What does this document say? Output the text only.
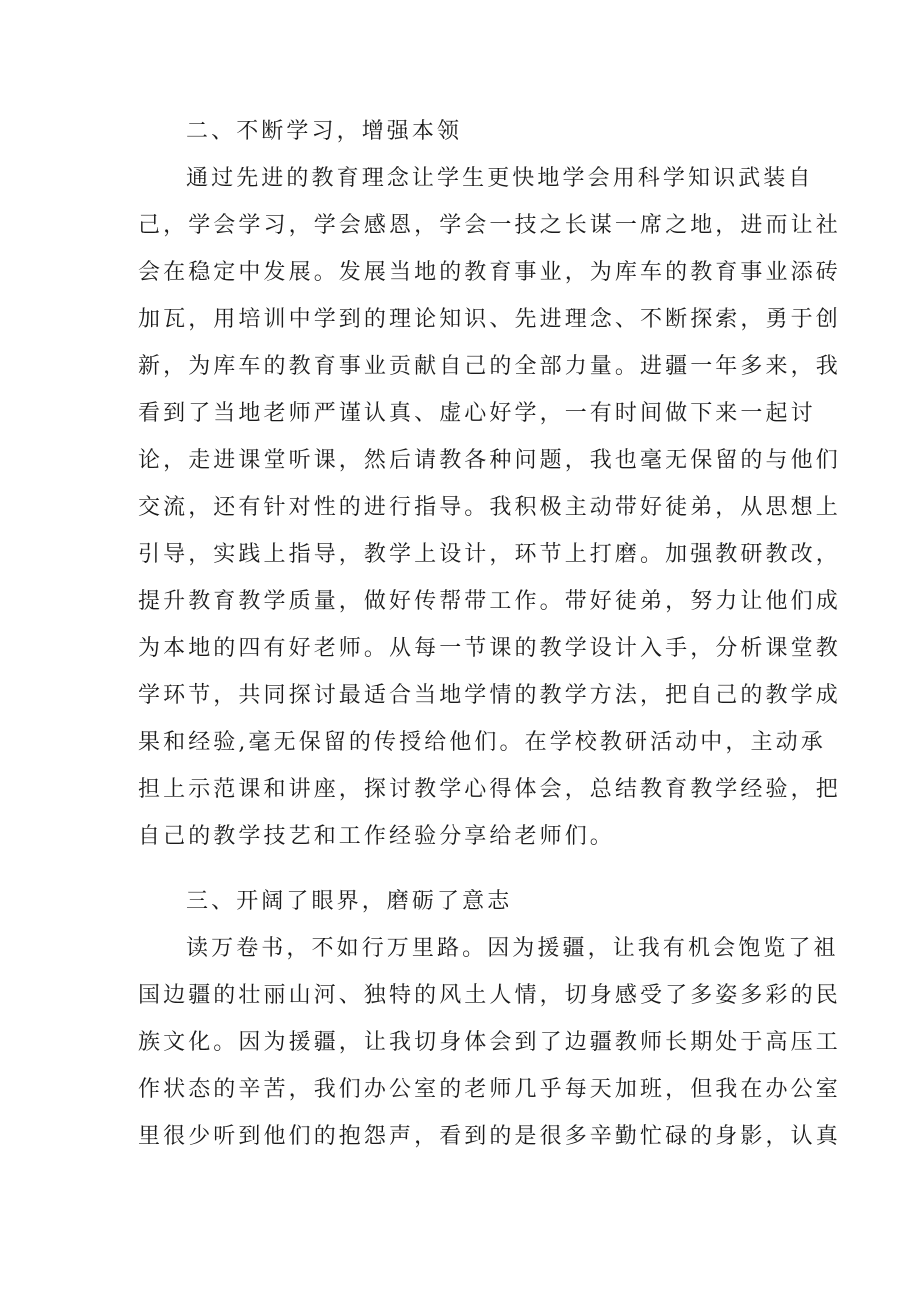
二、不断学习，增强本领
通过先进的教育理念让学生更快地学会用科学知识武装自
己，学会学习，学会感恩，学会一技之长谋一席之地，进而让社
会在稳定中发展。发展当地的教育事业，为库车的教育事业添砖
加瓦，用培训中学到的理论知识、先进理念、不断探索，勇于创
新，为库车的教育事业贡献自己的全部力量。进疆一年多来，我
看到了当地老师严谨认真、虚心好学，一有时间做下来一起讨
论，走进课堂听课，然后请教各种问题，我也毫无保留的与他们
交流，还有针对性的进行指导。我积极主动带好徒弟，从思想上
引导，实践上指导，教学上设计，环节上打磨。加强教研教改，
提升教育教学质量，做好传帮带工作。带好徒弟，努力让他们成
为本地的四有好老师。从每一节课的教学设计入手，分析课堂教
学环节，共同探讨最适合当地学情的教学方法，把自己的教学成
果和经验,毫无保留的传授给他们。在学校教研活动中，主动承
担上示范课和讲座，探讨教学心得体会，总结教育教学经验，把
自己的教学技艺和工作经验分享给老师们。
三、开阔了眼界，磨砺了意志
读万卷书，不如行万里路。因为援疆，让我有机会饱览了祖
国边疆的壮丽山河、独特的风土人情，切身感受了多姿多彩的民
族文化。因为援疆，让我切身体会到了边疆教师长期处于高压工
作状态的辛苦，我们办公室的老师几乎每天加班，但我在办公室
里很少听到他们的抱怨声，看到的是很多辛勤忙碌的身影，认真
